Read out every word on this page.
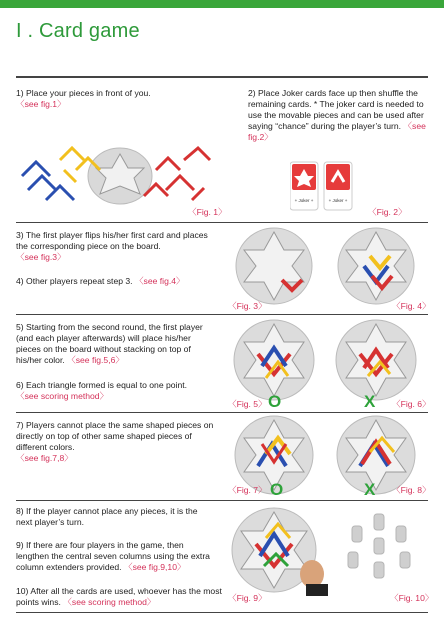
I . Card game
1) Place your pieces in front of you.
〈see fig.1〉
2) Place Joker cards face up then shuffle the remaining cards. * The joker card is needed to use the movable pieces and can be used after saying “chance” during the player’s turn. 〈see fig.2〉
〈Fig. 1〉
+ Joker +	+ Joker +
〈Fig. 2〉
3) The first player flips his/her first card and places the corresponding piece on the board.
〈see fig.3〉
4) Other players repeat step 3. 〈see fig.4〉
〈Fig. 3〉	〈Fig. 4〉
5) Starting from the second round, the first player (and each player afterwards) will place his/her pieces on the board without stacking on top of his/her color. 〈see fig.5,6〉
6) Each triangle formed is equal to one point.
〈see scoring method〉
〈Fig. 5〉 O	X 〈Fig. 6〉
7) Players cannot place the same shaped pieces on directly on top of other same shaped pieces of different colors.
〈see fig.7,8〉
〈Fig. 7〉 O	X 〈Fig. 8〉
8) If the player cannot place any pieces, it is the next player’s turn.
9) If there are four players in the game, then lengthen the central seven columns using the extra column extenders provided. 〈see fig.9,10〉
10) After all the cards are used, whoever has the most points wins. 〈see scoring method〉	〈Fig. 9〉	〈Fig. 10〉
